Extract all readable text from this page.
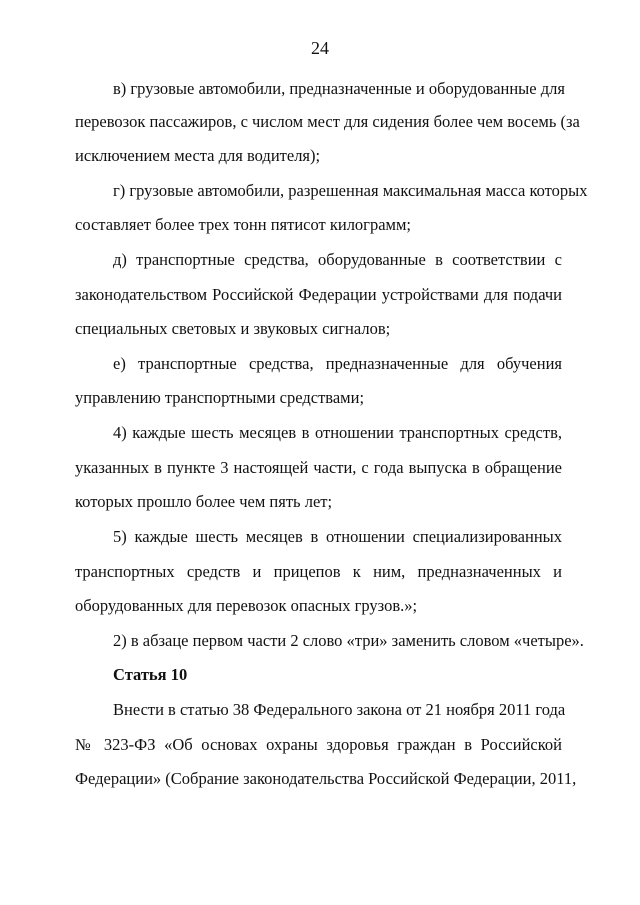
24
в) грузовые автомобили, предназначенные и оборудованные для
перевозок пассажиров, с числом мест для сидения более чем восемь (за
исключением места для водителя);
г) грузовые автомобили, разрешенная максимальная масса которых
составляет более трех тонн пятисот килограмм;
д) транспортные средства, оборудованные в соответствии с
законодательством Российской Федерации устройствами для подачи
специальных световых и звуковых сигналов;
е) транспортные средства, предназначенные для обучения
управлению транспортными средствами;
4) каждые шесть месяцев в отношении транспортных средств,
указанных в пункте 3 настоящей части, с года выпуска в обращение
которых прошло более чем пять лет;
5) каждые шесть месяцев в отношении специализированных
транспортных средств и прицепов к ним, предназначенных и
оборудованных для перевозок опасных грузов.»;
2) в абзаце первом части 2 слово «три» заменить словом «четыре».
Статья 10
Внести в статью 38 Федерального закона от 21 ноября 2011 года
№ 323-ФЗ «Об основах охраны здоровья граждан в Российской
Федерации» (Собрание законодательства Российской Федерации, 2011,
